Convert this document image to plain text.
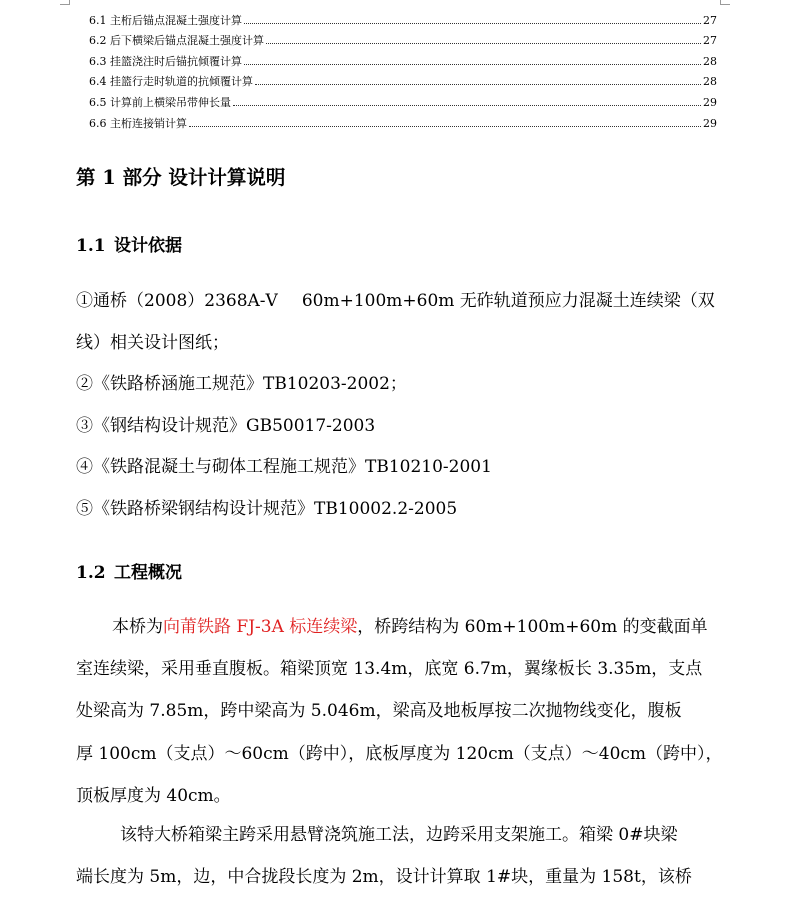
6.1 主桁后锚点混凝土强度计算	27
6.2 后下横梁后锚点混凝土强度计算	27
6.3 挂篮浇注时后锚抗倾覆计算	28
6.4 挂篮行走时轨道的抗倾覆计算	28
6.5 计算前上横梁吊带伸长量	29
6.6 主桁连接销计算	29
第 1 部分 设计计算说明
1.1 设计依据
①通桥（2008）2368A-Ⅴ 60m+100m+60m 无砟轨道预应力混凝土连续梁（双
线）相关设计图纸；
②《铁路桥涵施工规范》TB10203-2002；
③《钢结构设计规范》GB50017-2003
④《铁路混凝土与砌体工程施工规范》TB10210-2001
⑤《铁路桥梁钢结构设计规范》TB10002.2-2005
1.2 工程概况
本桥为向莆铁路 FJ-3A 标连续梁，桥跨结构为 60m+100m+60m 的变截面单
室连续梁，采用垂直腹板。箱梁顶宽 13.4m，底宽 6.7m，翼缘板长 3.35m，支点
处梁高为 7.85m，跨中梁高为 5.046m，梁高及地板厚按二次抛物线变化，腹板
厚 100cm（支点）～60cm（跨中），底板厚度为 120cm（支点）～40cm（跨中），
顶板厚度为 40cm。
该特大桥箱梁主跨采用悬臂浇筑施工法，边跨采用支架施工。箱梁 0#块梁
端长度为 5m，边，中合拢段长度为 2m，设计计算取 1#块，重量为 158t，该桥
